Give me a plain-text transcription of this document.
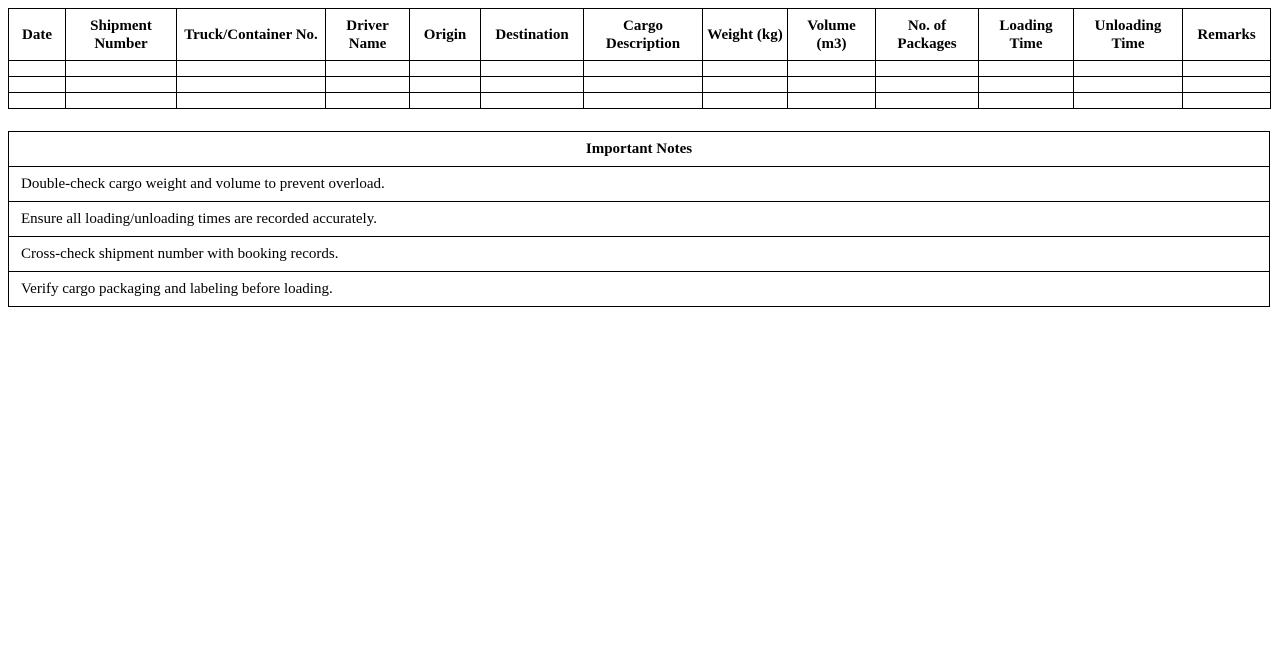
Date	Shipment Number	Truck/Container No.	Driver Name	Origin	Destination	Cargo Description	Weight (kg)	Volume (m3)	No. of Packages	Loading Time	Unloading Time	Remarks

Important Notes
Double-check cargo weight and volume to prevent overload.
Ensure all loading/unloading times are recorded accurately.
Cross-check shipment number with booking records.
Verify cargo packaging and labeling before loading.
